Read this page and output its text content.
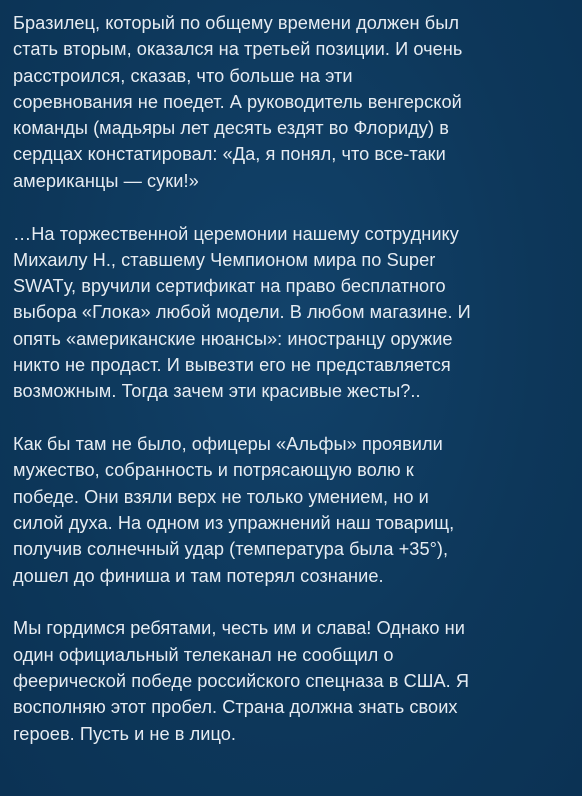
Бразилец, который по общему времени должен был
стать вторым, оказался на третьей позиции. И очень
расстроился, сказав, что больше на эти
соревнования не поедет. А руководитель венгерской
команды (мадьяры лет десять ездят во Флориду) в
сердцах констатировал: «Да, я понял, что все-таки
американцы — суки!»

…На торжественной церемонии нашему сотруднику
Михаилу Н., ставшему Чемпионом мира по Super
SWATу, вручили сертификат на право бесплатного
выбора «Глока» любой модели. В любом магазине. И
опять «американские нюансы»: иностранцу оружие
никто не продаст. И вывезти его не представляется
возможным. Тогда зачем эти красивые жесты?..

Как бы там не было, офицеры «Альфы» проявили
мужество, собранность и потрясающую волю к
победе. Они взяли верх не только умением, но и
силой духа. На одном из упражнений наш товарищ,
получив солнечный удар (температура была +35°),
дошел до финиша и там потерял сознание.

Мы гордимся ребятами, честь им и слава! Однако ни
один официальный телеканал не сообщил о
феерической победе российского спецназа в США. Я
восполняю этот пробел. Страна должна знать своих
героев. Пусть и не в лицо.
